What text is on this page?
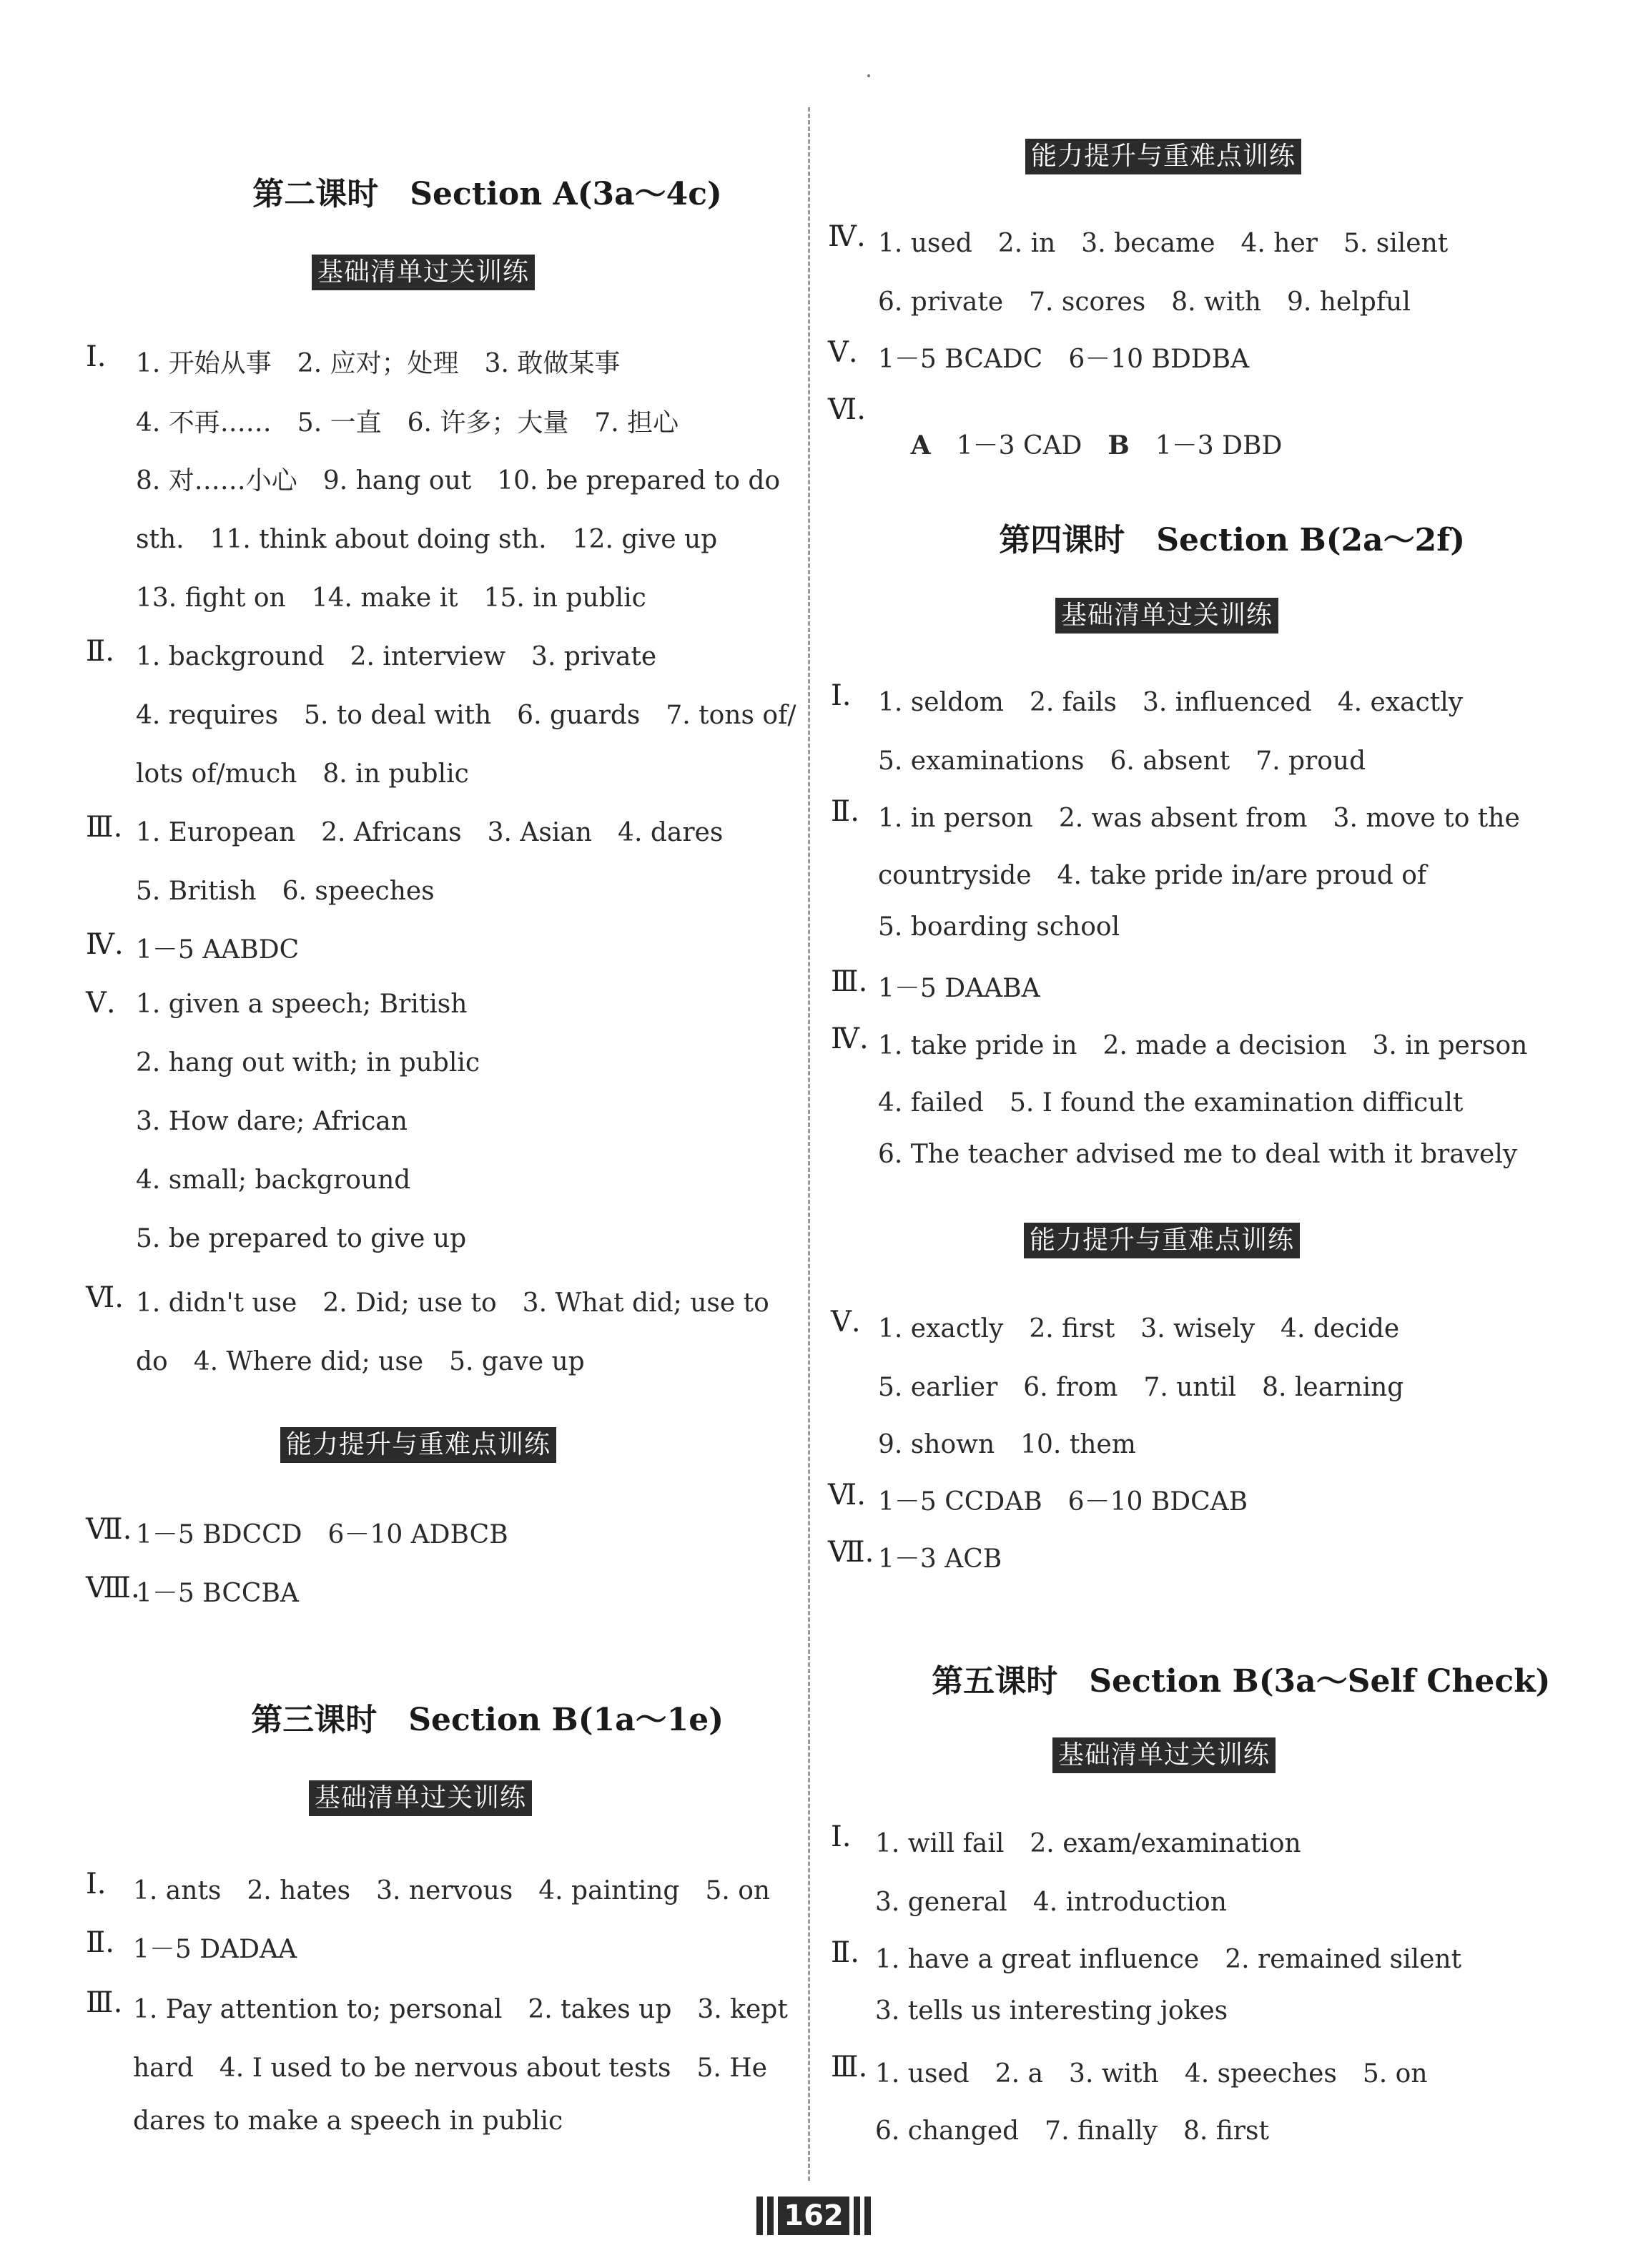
第二课时 Section A(3a～4c)

基础清单过关训练
Ⅰ. 1. 开始从事　2. 应对；处理　3. 敢做某事
4. 不再……　5. 一直　6. 许多；大量　7. 担心
8. 对……小心　9. hang out　10. be prepared to do
sth.　11. think about doing sth.　12. give up
13. fight on　14. make it　15. in public
Ⅱ. 1. background　2. interview　3. private
4. requires　5. to deal with　6. guards　7. tons of/
lots of/much　8. in public
Ⅲ. 1. European　2. Africans　3. Asian　4. dares
5. British　6. speeches
Ⅳ. 1－5 AABDC
Ⅴ. 1. given a speech; British
2. hang out with; in public
3. How dare; African
4. small; background
5. be prepared to give up
Ⅵ. 1. didn't use　2. Did; use to　3. What did; use to
do　4. Where did; use　5. gave up
能力提升与重难点训练
Ⅶ. 1－5 BDCCD　6－10 ADBCB
Ⅷ.
1－5 BCCBA

第三课时 Section B(1a～1e)

基础清单过关训练
Ⅰ. 1. ants　2. hates　3. nervous　4. painting　5. on
Ⅱ. 1－5 DADAA
Ⅲ. 1. Pay attention to; personal　2. takes up　3. kept
hard　4. I used to be nervous about tests　5. He
dares to make a speech in public
能力提升与重难点训练
Ⅳ. 1. used　2. in　3. became　4. her　5. silent
6. private　7. scores　8. with　9. helpful
Ⅴ. 1－5 BCADC　6－10 BDDBA
Ⅵ.

A　 1－3 CAD　 B　 1－3 DBD

第四课时 Section B(2a～2f)

基础清单过关训练
Ⅰ. 1. seldom　2. fails　3. influenced　4. exactly
5. examinations　6. absent　7. proud
Ⅱ. 1. in person　2. was absent from　3. move to the
countryside　4. take pride in/are proud of
5. boarding school
Ⅲ. 1－5 DAABA
Ⅳ. 1. take pride in　2. made a decision　3. in person
4. failed　5. I found the examination difficult
6. The teacher advised me to deal with it bravely
能力提升与重难点训练
Ⅴ. 1. exactly　2. first　3. wisely　4. decide
5. earlier　6. from　7. until　8. learning
9. shown　10. them
Ⅵ. 1－5 CCDAB　6－10 BDCAB
Ⅶ. 1－3 ACB

第五课时 Section B(3a～Self Check)

基础清单过关训练
Ⅰ. 1. will fail　2. exam/examination
3. general　4. introduction
Ⅱ. 1. have a great influence　2. remained silent
3. tells us interesting jokes
Ⅲ. 1. used　2. a　3. with　4. speeches　5. on
6. changed　7. finally　8. first
162
